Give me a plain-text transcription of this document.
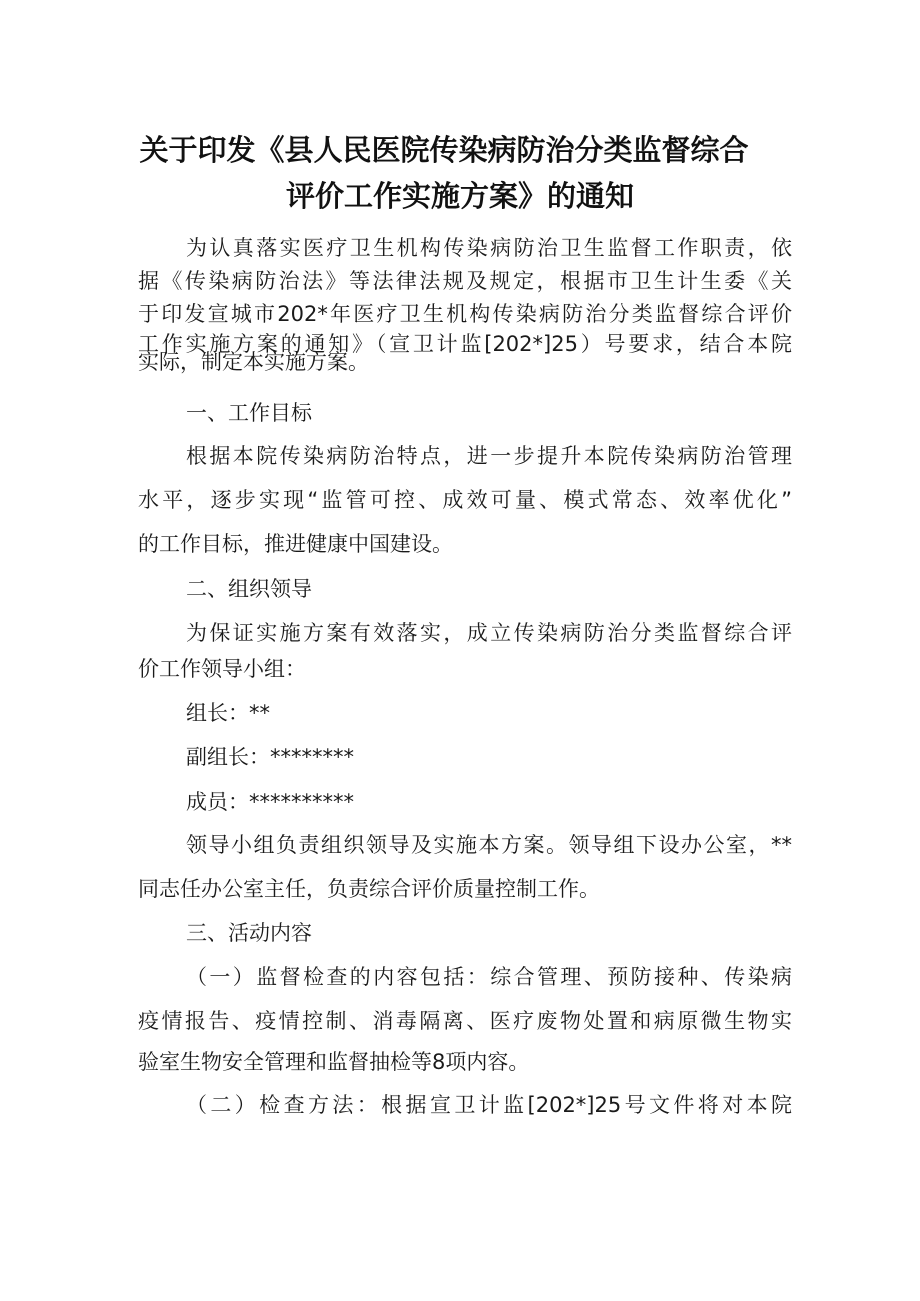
关于印发《县人民医院传染病防治分类监督综合
评价工作实施方案》的通知
为认真落实医疗卫生机构传染病防治卫生监督工作职责，依
据《传染病防治法》等法律法规及规定，根据市卫生计生委《关
于印发宣城市202*年医疗卫生机构传染病防治分类监督综合评价
工作实施方案的通知》（宣卫计监[202*]25）号要求，结合本院
实际，制定本实施方案。
一、工作目标
根据本院传染病防治特点，进一步提升本院传染病防治管理
水平，逐步实现“监管可控、成效可量、模式常态、效率优化”
的工作目标，推进健康中国建设。
二、组织领导
为保证实施方案有效落实，成立传染病防治分类监督综合评
价工作领导小组：
组长：**
副组长：********
成员：**********
领导小组负责组织领导及实施本方案。领导组下设办公室，**
同志任办公室主任，负责综合评价质量控制工作。
三、活动内容
（一）监督检查的内容包括：综合管理、预防接种、传染病
疫情报告、疫情控制、消毒隔离、医疗废物处置和病原微生物实
验室生物安全管理和监督抽检等8项内容。
（二）检查方法：根据宣卫计监[202*]25号文件将对本院
